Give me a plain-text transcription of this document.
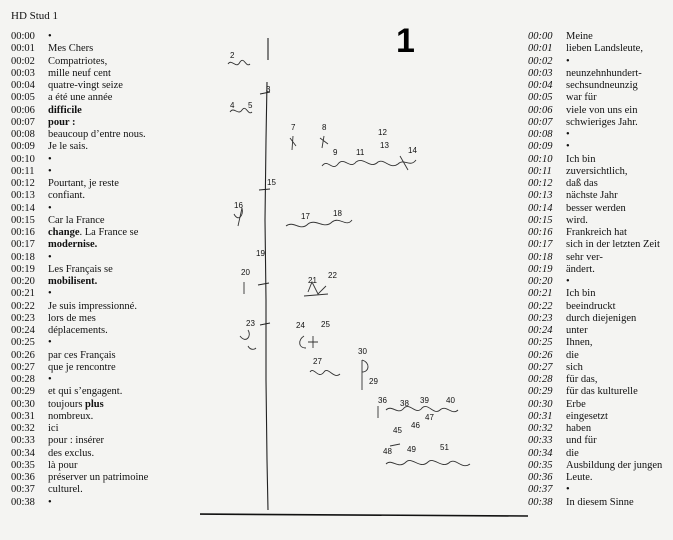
HD Stud 1
00:00 •
00:01 Mes Chers
00:02 Compatriotes,
00:03 mille neuf cent
00:04 quatre-vingt seize
00:05 a été une année
00:06 difficile
00:07 pour :
00:08 beaucoup d’entre nous.
00:09 Je le sais.
00:10 •
00:11 •
00:12 Pourtant, je reste
00:13 confiant.
00:14 •
00:15 Car la France
00:16 change. La France se
00:17 modernise.
00:18 •
00:19 Les Français se
00:20 mobilisent.
00:21 •
00:22 Je suis impressionné.
00:23 lors de mes
00:24 déplacements.
00:25 •
00:26 par ces Français
00:27 que je rencontre
00:28 •
00:29 et qui s’engagent.
00:30 toujours plus
00:31 nombreux.
00:32 ici
00:33 pour : insérer
00:34 des exclus.
00:35 là pour
00:36 préserver un patrimoine
00:37 culturel.
00:38 •
00:00 Meine
00:01 lieben Landsleute,
00:02 •
00:03 neunzehnhundert-
00:04 sechsundneunzig
00:05 war für
00:06 viele von uns ein
00:07 schwieriges Jahr.
00:08 •
00:09 •
00:10 Ich bin
00:11 zuversichtlich,
00:12 daß das
00:13 nächste Jahr
00:14 besser werden
00:15 wird.
00:16 Frankreich hat
00:17 sich in der letzten Zeit
00:18 sehr ver-
00:19 ändert.
00:20 •
00:21 Ich bin
00:22 beeindruckt
00:23 durch diejenigen
00:24 unter
00:25 Ihnen,
00:26 die
00:27 sich
00:28 für das,
00:29 für das kulturelle
00:30 Erbe
00:31 eingesetzt
00:32 haben
00:33 und für
00:34 die
00:35 Ausbildung der jungen
00:36 Leute.
00:37 •
00:38 In diesem Sinne
1
2
3
4 5
7	8
9 11
12
13
14
15
16
17	18
19
20
21
22
23	24 25
27
30
29
36 38 39 40
45
46
47
48 49	51
